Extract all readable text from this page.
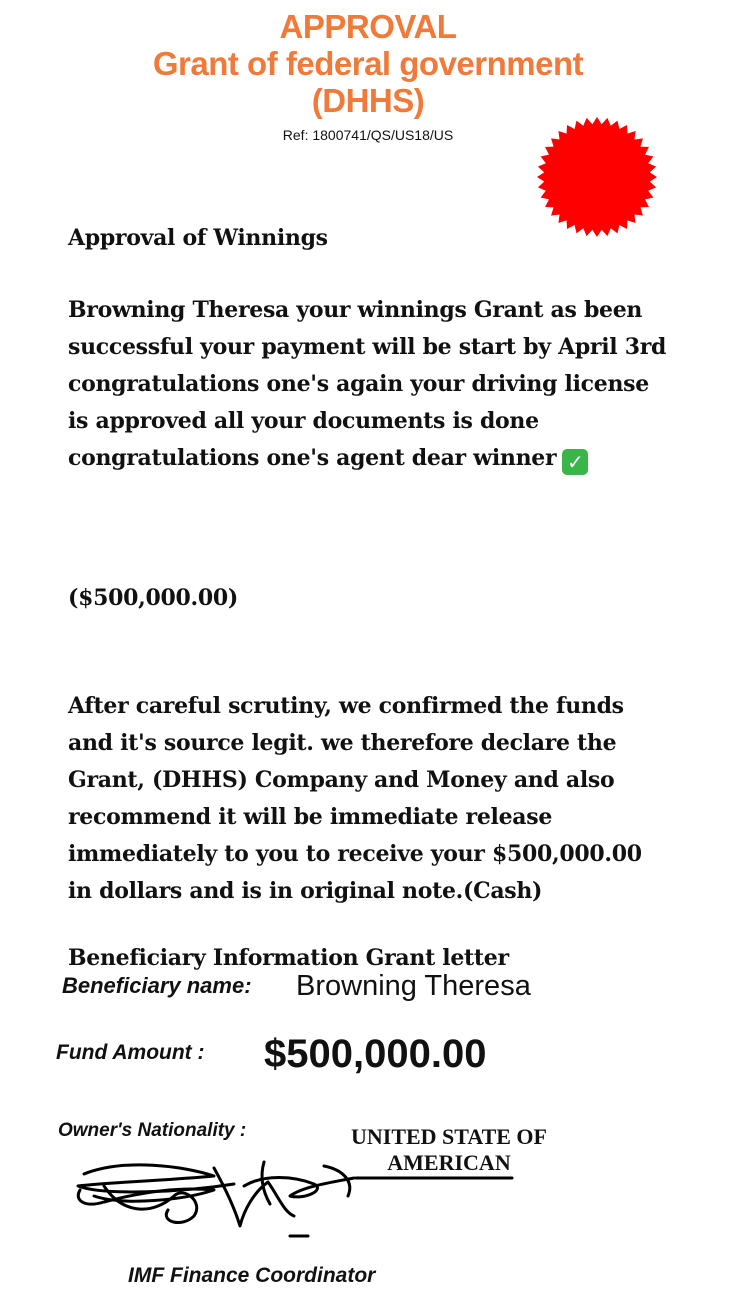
APPROVAL
Grant of federal government
(DHHS)
Ref: 1800741/QS/US18/US
Approval of Winnings
Browning Theresa your winnings Grant as been successful your payment will be start by April 3rd congratulations one's again your driving license is approved all your documents is done congratulations one's agent dear winner ✓
($500,000.00)
After careful scrutiny, we confirmed the funds and it's source legit. we therefore declare the Grant, (DHHS) Company and Money and also recommend it will be immediate release immediately to you to receive your $500,000.00 in dollars and is in original note.(Cash)
Beneficiary Information Grant letter
Beneficiary name: Browning Theresa
Fund Amount : $500,000.00
Owner's Nationality :	UNITED STATE OF AMERICAN
IMF Finance Coordinator
